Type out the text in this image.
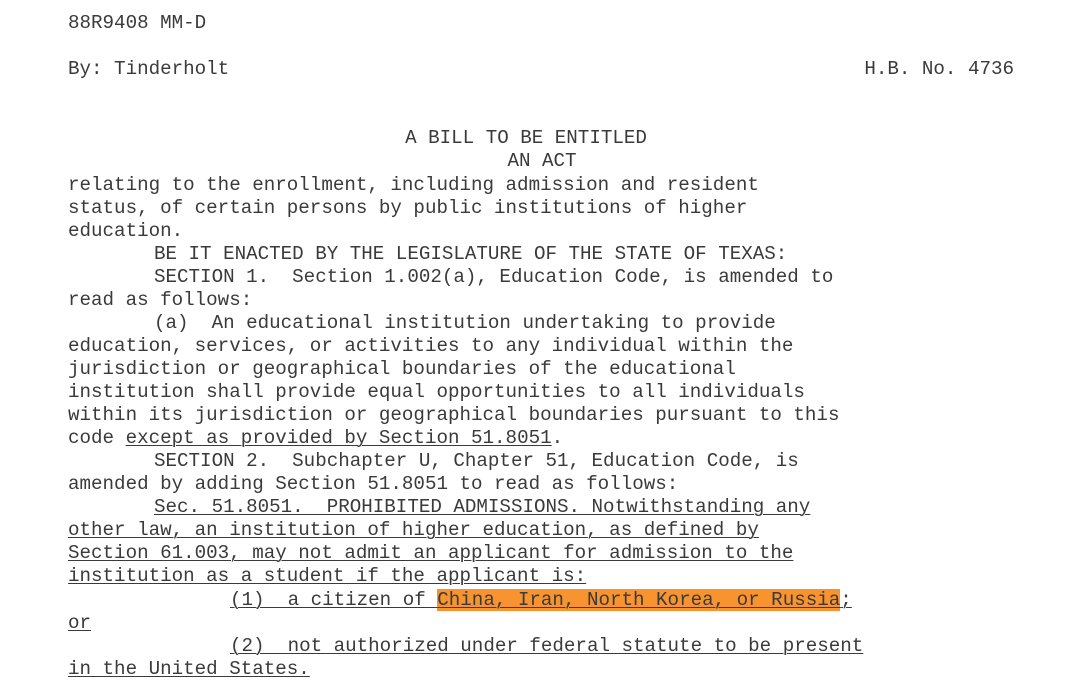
88R9408 MM-D

By: Tinderholt	H.B. No. 4736

A BILL TO BE ENTITLED

AN ACT

relating to the enrollment, including admission and resident

status, of certain persons by public institutions of higher

education.

BE IT ENACTED BY THE LEGISLATURE OF THE STATE OF TEXAS:

SECTION 1.  Section 1.002(a), Education Code, is amended to

read as follows:

(a)  An educational institution undertaking to provide

education, services, or activities to any individual within the

jurisdiction or geographical boundaries of the educational

institution shall provide equal opportunities to all individuals

within its jurisdiction or geographical boundaries pursuant to this

code except as provided by Section 51.8051.

SECTION 2.  Subchapter U, Chapter 51, Education Code, is

amended by adding Section 51.8051 to read as follows:

Sec. 51.8051.  PROHIBITED ADMISSIONS. Notwithstanding any

other law, an institution of higher education, as defined by

Section 61.003, may not admit an applicant for admission to the

institution as a student if the applicant is:

(1)  a citizen of China, Iran, North Korea, or Russia;

or

(2)  not authorized under federal statute to be present

in the United States.
